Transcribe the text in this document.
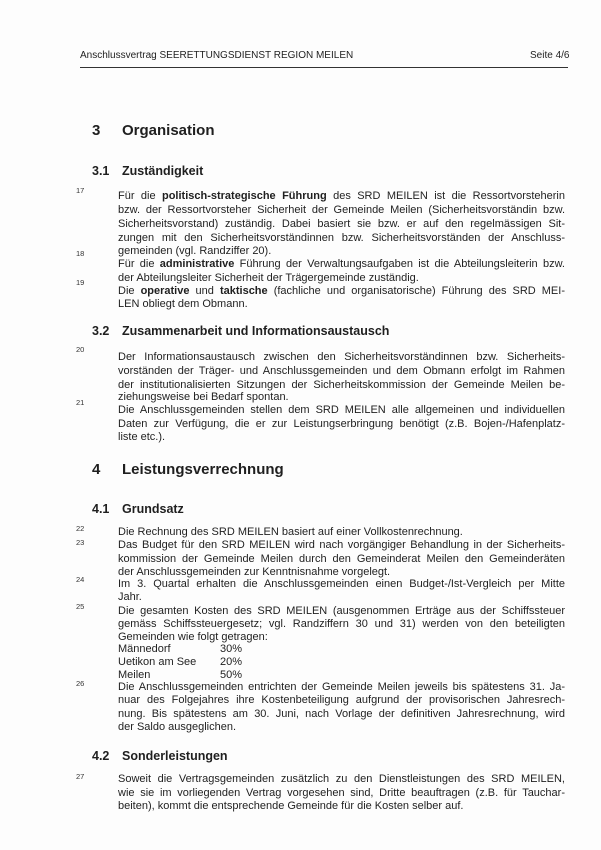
Anschlussvertrag SEERETTUNGSDIENST REGION MEILEN	Seite 4/6
3 Organisation
3.1 Zuständigkeit
17	Für die politisch-strategische Führung des SRD MEILEN ist die Ressortvorsteherin
bzw. der Ressortvorsteher Sicherheit der Gemeinde Meilen (Sicherheitsvorständin bzw.
Sicherheitsvorstand) zuständig. Dabei basiert sie bzw. er auf den regelmässigen Sit-
zungen mit den Sicherheitsvorständinnen bzw. Sicherheitsvorständen der Anschluss-
gemeinden (vgl. Randziffer 20).
18
Für die administrative Führung der Verwaltungsaufgaben ist die Abteilungsleiterin bzw.
der Abteilungsleiter Sicherheit der Trägergemeinde zuständig.
19
Die operative und taktische (fachliche und organisatorische) Führung des SRD MEI-
LEN obliegt dem Obmann.
3.2 Zusammenarbeit und Informationsaustausch
20
Der Informationsaustausch zwischen den Sicherheitsvorständinnen bzw. Sicherheits-
vorständen der Träger- und Anschlussgemeinden und dem Obmann erfolgt im Rahmen
der institutionalisierten Sitzungen der Sicherheitskommission der Gemeinde Meilen be-
ziehungsweise bei Bedarf spontan.
21
Die Anschlussgemeinden stellen dem SRD MEILEN alle allgemeinen und individuellen
Daten zur Verfügung, die er zur Leistungserbringung benötigt (z.B. Bojen-/Hafenplatz-
liste etc.).
4 Leistungsverrechnung
4.1 Grundsatz
22	Die Rechnung des SRD MEILEN basiert auf einer Vollkostenrechnung.
23	Das Budget für den SRD MEILEN wird nach vorgängiger Behandlung in der Sicherheits-
kommission der Gemeinde Meilen durch den Gemeinderat Meilen den Gemeinderäten
der Anschlussgemeinden zur Kenntnisnahme vorgelegt.
24	Im 3. Quartal erhalten die Anschlussgemeinden einen Budget-/Ist-Vergleich per Mitte
Jahr.
25	Die gesamten Kosten des SRD MEILEN (ausgenommen Erträge aus der Schiffssteuer
gemäss Schiffssteuergesetz; vgl. Randziffern 30 und 31) werden von den beteiligten
Gemeinden wie folgt getragen:
Männedorf	30%
Uetikon am See 20%
Meilen	50%
26	Die Anschlussgemeinden entrichten der Gemeinde Meilen jeweils bis spätestens 31. Ja-
nuar des Folgejahres ihre Kostenbeteiligung aufgrund der provisorischen Jahresrech-
nung. Bis spätestens am 30. Juni, nach Vorlage der definitiven Jahresrechnung, wird
der Saldo ausgeglichen.
4.2 Sonderleistungen
27	Soweit die Vertragsgemeinden zusätzlich zu den Dienstleistungen des SRD MEILEN,
wie sie im vorliegenden Vertrag vorgesehen sind, Dritte beauftragen (z.B. für Tauchar-
beiten), kommt die entsprechende Gemeinde für die Kosten selber auf.
